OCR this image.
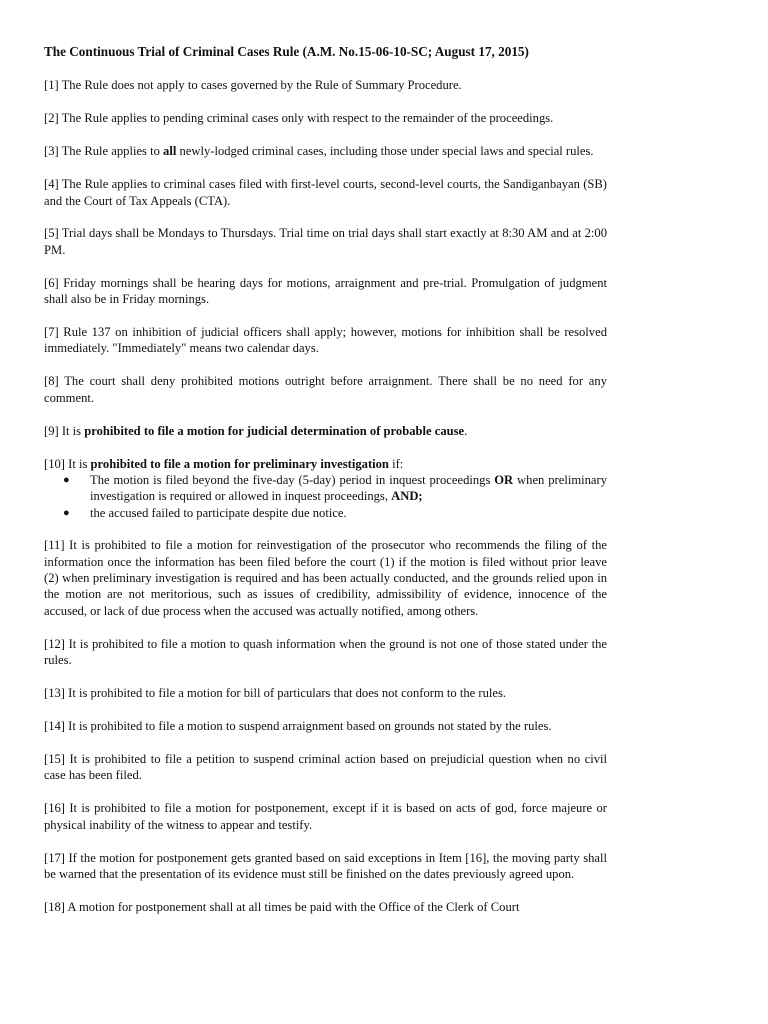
The Continuous Trial of Criminal Cases Rule (A.M. No.15-06-10-SC; August 17, 2015)

[1] The Rule does not apply to cases governed by the Rule of Summary Procedure.

[2] The Rule applies to pending criminal cases only with respect to the remainder of the proceedings.

[3] The Rule applies to all newly-lodged criminal cases, including those under special laws and special rules.

[4] The Rule applies to criminal cases filed with first-level courts, second-level courts, the Sandiganbayan (SB) and the Court of Tax Appeals (CTA).

[5] Trial days shall be Mondays to Thursdays. Trial time on trial days shall start exactly at 8:30 AM and at 2:00 PM.

[6] Friday mornings shall be hearing days for motions, arraignment and pre-trial. Promulgation of judgment shall also be in Friday mornings.

[7] Rule 137 on inhibition of judicial officers shall apply; however, motions for inhibition shall be resolved immediately. "Immediately" means two calendar days.

[8] The court shall deny prohibited motions outright before arraignment. There shall be no need for any comment.

[9] It is prohibited to file a motion for judicial determination of probable cause.

[10] It is prohibited to file a motion for preliminary investigation if:

● The motion is filed beyond the five-day (5-day) period in inquest proceedings OR when preliminary investigation is required or allowed in inquest proceedings, AND;
● the accused failed to participate despite due notice.

[11] It is prohibited to file a motion for reinvestigation of the prosecutor who recommends the filing of the information once the information has been filed before the court (1) if the motion is filed without prior leave (2) when preliminary investigation is required and has been actually conducted, and the grounds relied upon in the motion are not meritorious, such as issues of credibility, admissibility of evidence, innocence of the accused, or lack of due process when the accused was actually notified, among others.

[12] It is prohibited to file a motion to quash information when the ground is not one of those stated under the rules.

[13] It is prohibited to file a motion for bill of particulars that does not conform to the rules.

[14] It is prohibited to file a motion to suspend arraignment based on grounds not stated by the rules.

[15] It is prohibited to file a petition to suspend criminal action based on prejudicial question when no civil case has been filed.

[16] It is prohibited to file a motion for postponement, except if it is based on acts of god, force majeure or physical inability of the witness to appear and testify.

[17] If the motion for postponement gets granted based on said exceptions in Item [16], the moving party shall be warned that the presentation of its evidence must still be finished on the dates previously agreed upon.

[18] A motion for postponement shall at all times be paid with the Office of the Clerk of Court
